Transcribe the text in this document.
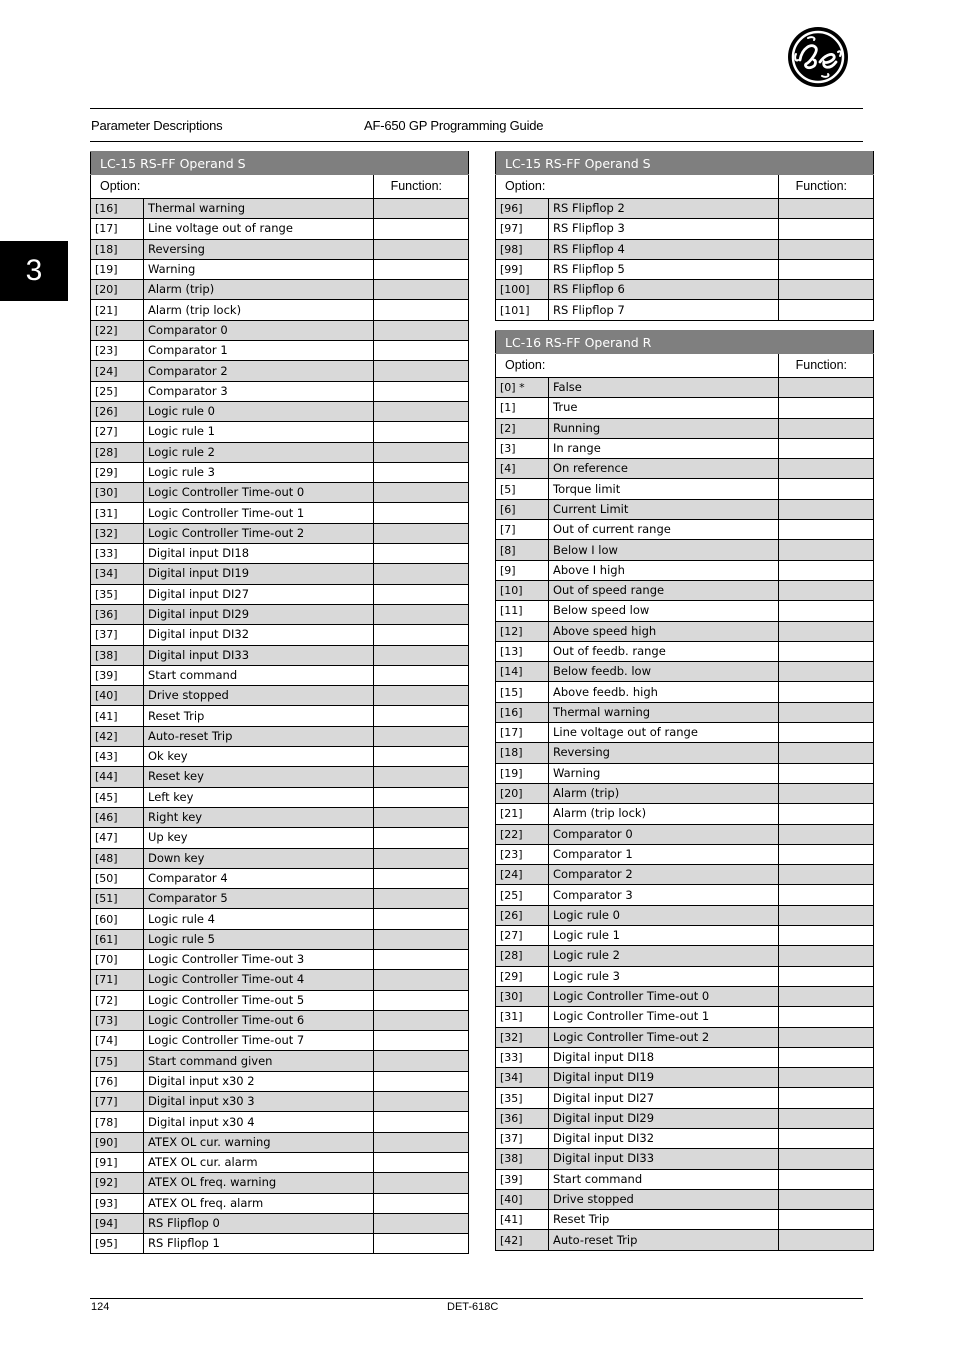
Parameter Descriptions	AF-650 GP Programming Guide
3
LC-15 RS-FF Operand S		
Option:		Function:
[16]	Thermal warning	
[17]	Line voltage out of range	
[18]	Reversing	
[19]	Warning	
[20]	Alarm (trip)	
[21]	Alarm (trip lock)	
[22]	Comparator 0	
[23]	Comparator 1	
[24]	Comparator 2	
[25]	Comparator 3	
[26]	Logic rule 0	
[27]	Logic rule 1	
[28]	Logic rule 2	
[29]	Logic rule 3	
[30]	Logic Controller Time-out 0	
[31]	Logic Controller Time-out 1	
[32]	Logic Controller Time-out 2	
[33]	Digital input DI18	
[34]	Digital input DI19	
[35]	Digital input DI27	
[36]	Digital input DI29	
[37]	Digital input DI32	
[38]	Digital input DI33	
[39]	Start command	
[40]	Drive stopped	
[41]	Reset Trip	
[42]	Auto-reset Trip	
[43]	Ok key	
[44]	Reset key	
[45]	Left key	
[46]	Right key	
[47]	Up key	
[48]	Down key	
[50]	Comparator 4	
[51]	Comparator 5	
[60]	Logic rule 4	
[61]	Logic rule 5	
[70]	Logic Controller Time-out 3	
[71]	Logic Controller Time-out 4	
[72]	Logic Controller Time-out 5	
[73]	Logic Controller Time-out 6	
[74]	Logic Controller Time-out 7	
[75]	Start command given	
[76]	Digital input x30 2	
[77]	Digital input x30 3	
[78]	Digital input x30 4	
[90]	ATEX OL cur. warning	
[91]	ATEX OL cur. alarm	
[92]	ATEX OL freq. warning	
[93]	ATEX OL freq. alarm	
[94]	RS Flipflop 0	
[95]	RS Flipflop 1	
LC-15 RS-FF Operand S		
Option:		Function:
[96]	RS Flipflop 2	
[97]	RS Flipflop 3	
[98]	RS Flipflop 4	
[99]	RS Flipflop 5	
[100]	RS Flipflop 6	
[101]	RS Flipflop 7	
LC-16 RS-FF Operand R		
Option:		Function:
[0] *	False	
[1]	True	
[2]	Running	
[3]	In range	
[4]	On reference	
[5]	Torque limit	
[6]	Current Limit	
[7]	Out of current range	
[8]	Below I low	
[9]	Above I high	
[10]	Out of speed range	
[11]	Below speed low	
[12]	Above speed high	
[13]	Out of feedb. range	
[14]	Below feedb. low	
[15]	Above feedb. high	
[16]	Thermal warning	
[17]	Line voltage out of range	
[18]	Reversing	
[19]	Warning	
[20]	Alarm (trip)	
[21]	Alarm (trip lock)	
[22]	Comparator 0	
[23]	Comparator 1	
[24]	Comparator 2	
[25]	Comparator 3	
[26]	Logic rule 0	
[27]	Logic rule 1	
[28]	Logic rule 2	
[29]	Logic rule 3	
[30]	Logic Controller Time-out 0	
[31]	Logic Controller Time-out 1	
[32]	Logic Controller Time-out 2	
[33]	Digital input DI18	
[34]	Digital input DI19	
[35]	Digital input DI27	
[36]	Digital input DI29	
[37]	Digital input DI32	
[38]	Digital input DI33	
[39]	Start command	
[40]	Drive stopped	
[41]	Reset Trip	
[42]	Auto-reset Trip	
124	DET-618C
